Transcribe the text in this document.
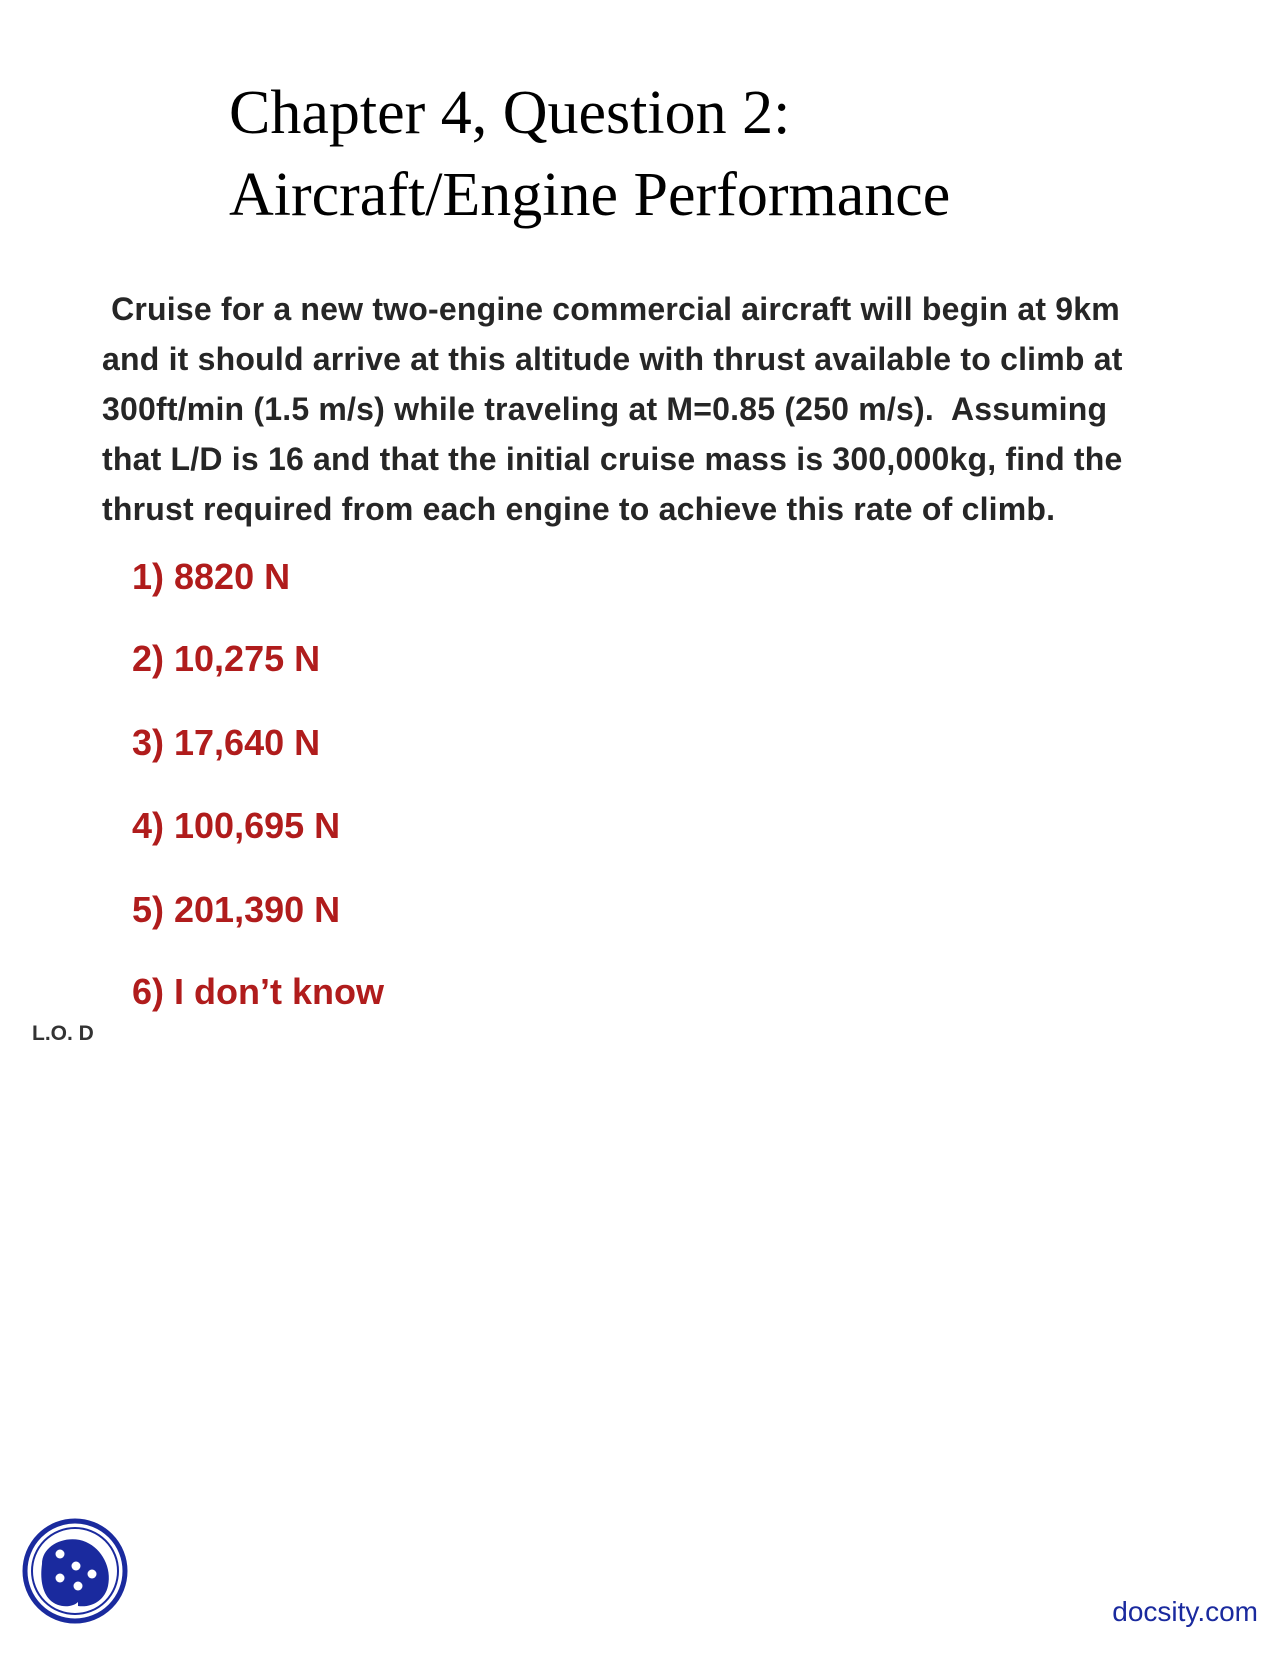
Chapter 4, Question 2:
Aircraft/Engine Performance
Cruise for a new two-engine commercial aircraft will begin at 9km
and it should arrive at this altitude with thrust available to climb at
300ft/min (1.5 m/s) while traveling at M=0.85 (250 m/s).  Assuming
that L/D is 16 and that the initial cruise mass is 300,000kg, find the
thrust required from each engine to achieve this rate of climb.
1) 8820 N
2) 10,275 N
3) 17,640 N
4) 100,695 N
5) 201,390 N
6) I don’t know
L.O. D
docsity.com
